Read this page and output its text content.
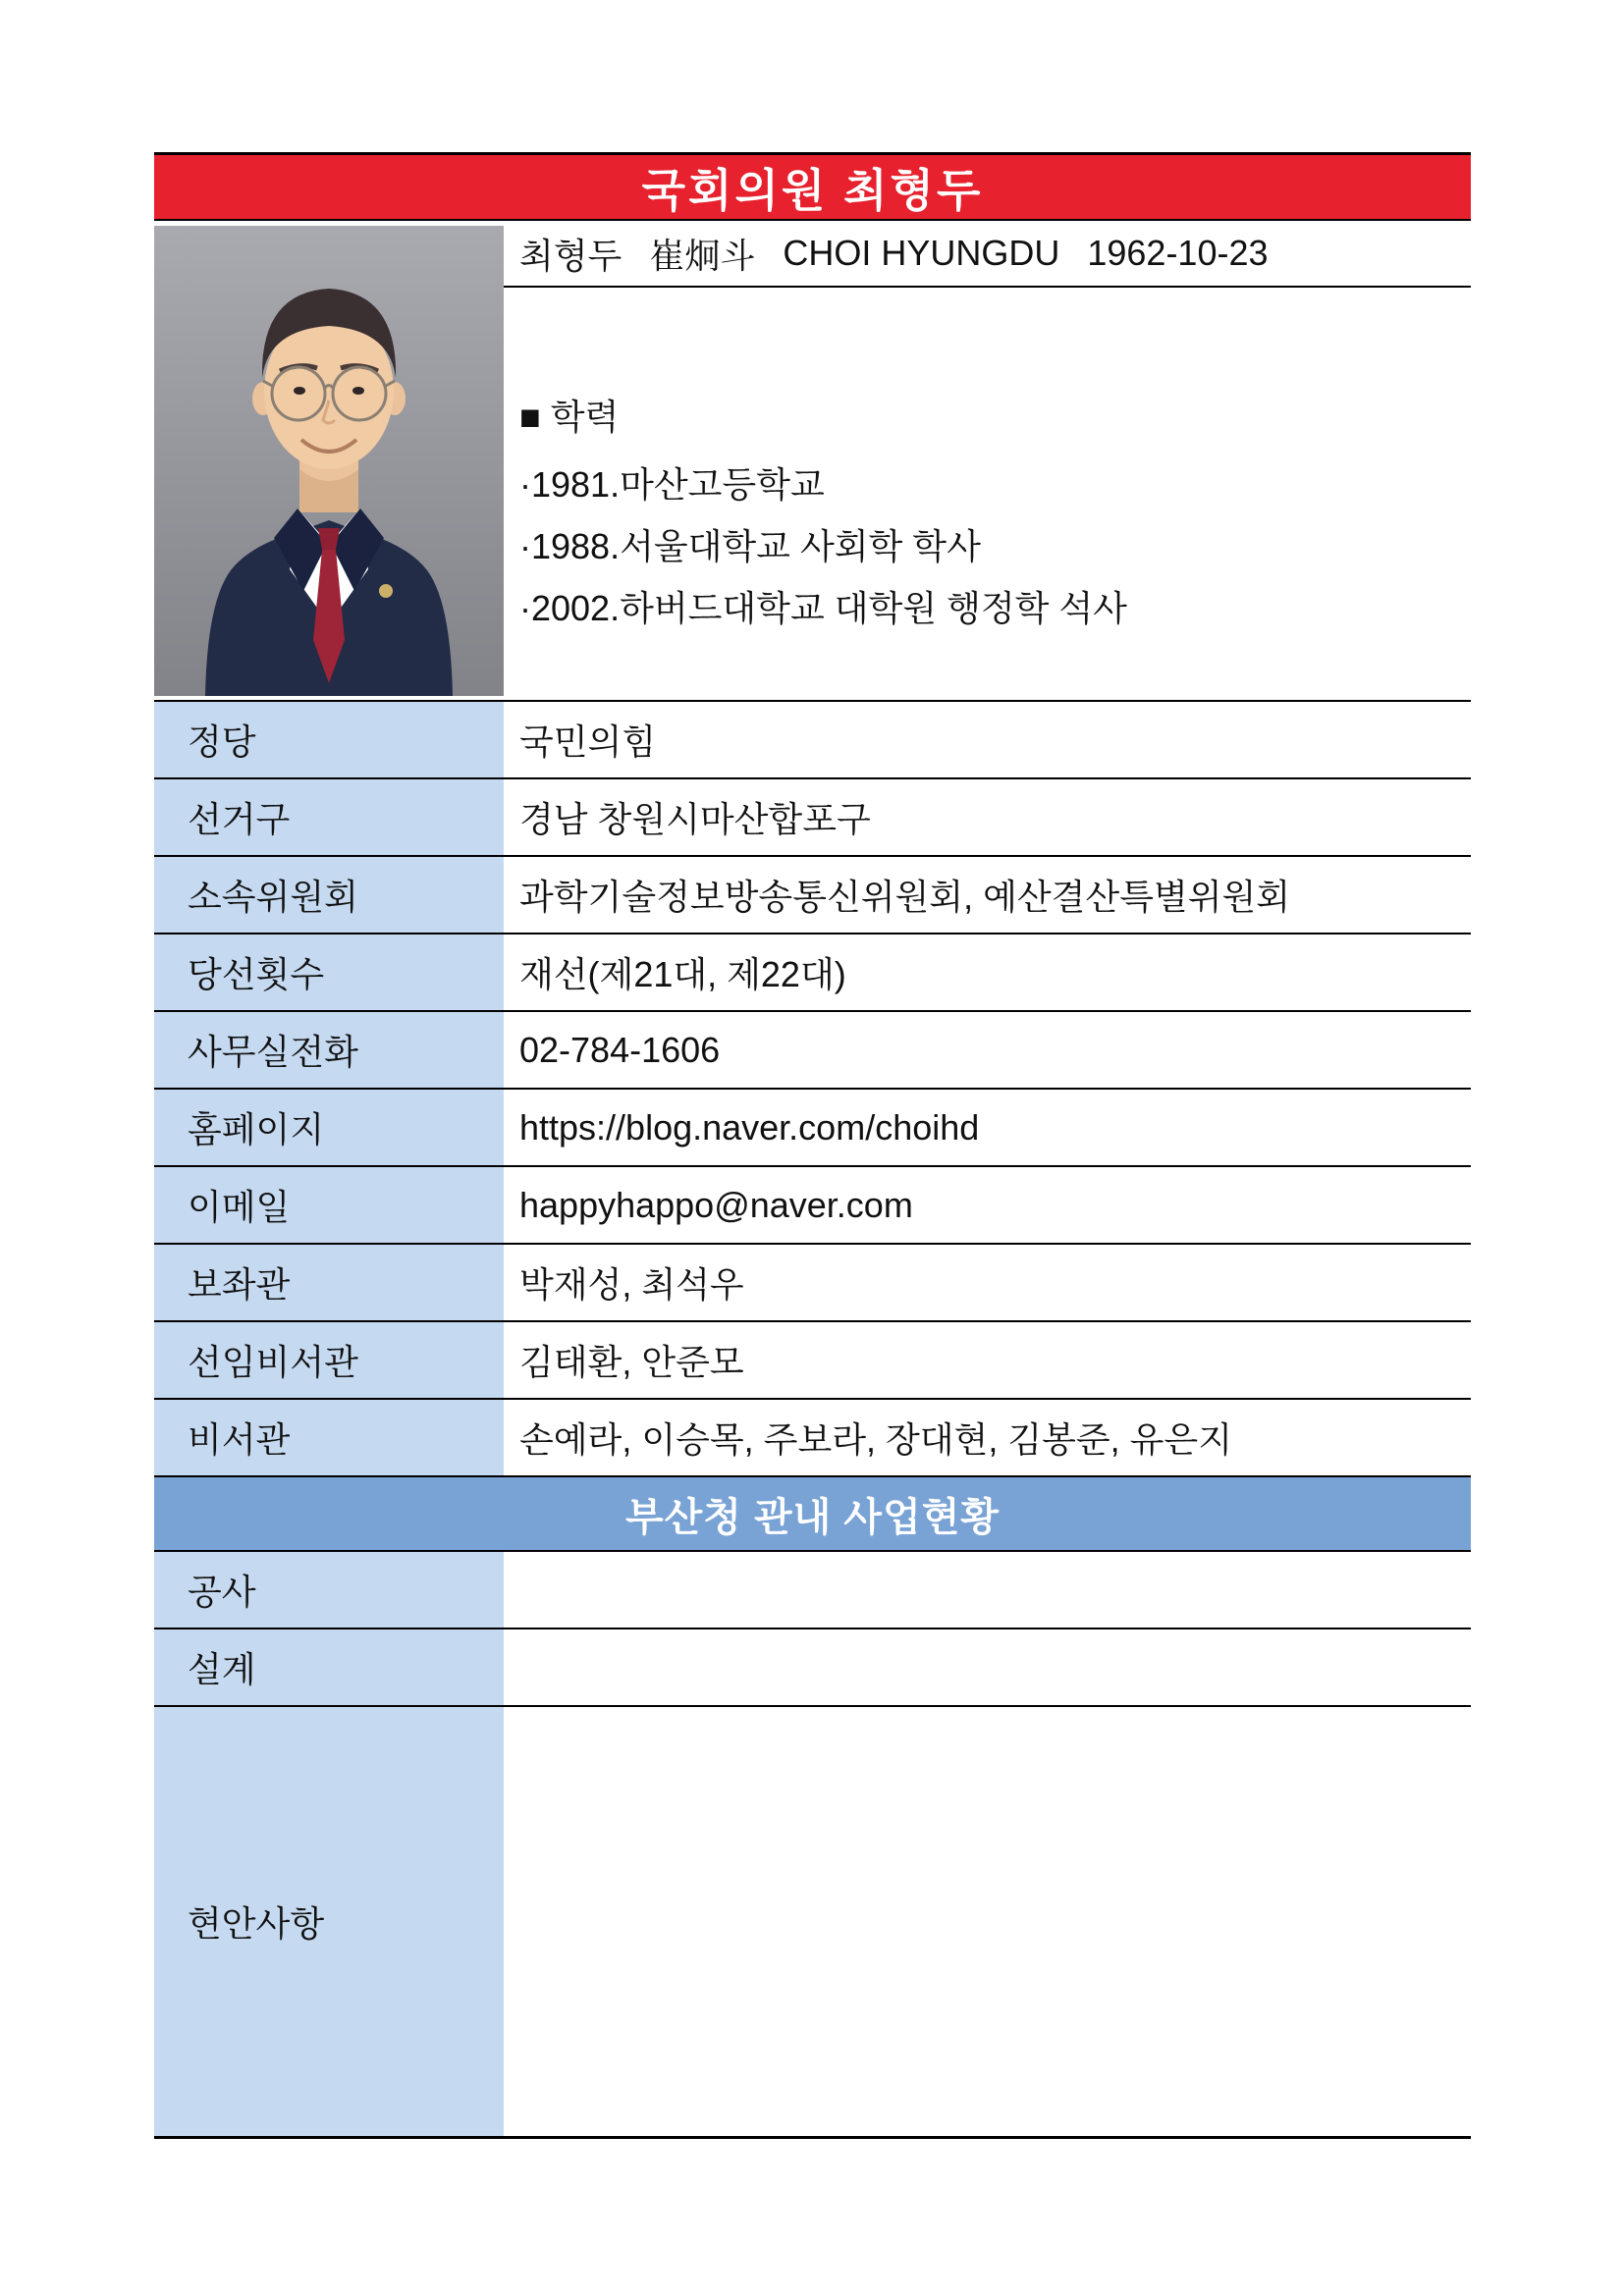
국회의원 최형두
최형두 崔炯斗 CHOI HYUNGDU 1962-10-23
■ 학력
·1981.마산고등학교
·1988.서울대학교 사회학 학사
·2002.하버드대학교 대학원 행정학 석사
정당	국민의힘
선거구	경남 창원시마산합포구
소속위원회	과학기술정보방송통신위원회, 예산결산특별위원회
당선횟수	재선(제21대, 제22대)
사무실전화	02-784-1606
홈페이지	https://blog.naver.com/choihd
이메일	happyhappo@naver.com
보좌관	박재성, 최석우
선임비서관	김태환, 안준모
비서관	손예라, 이승목, 주보라, 장대현, 김봉준, 유은지
부산청 관내 사업현황
공사
설계
현안사항
